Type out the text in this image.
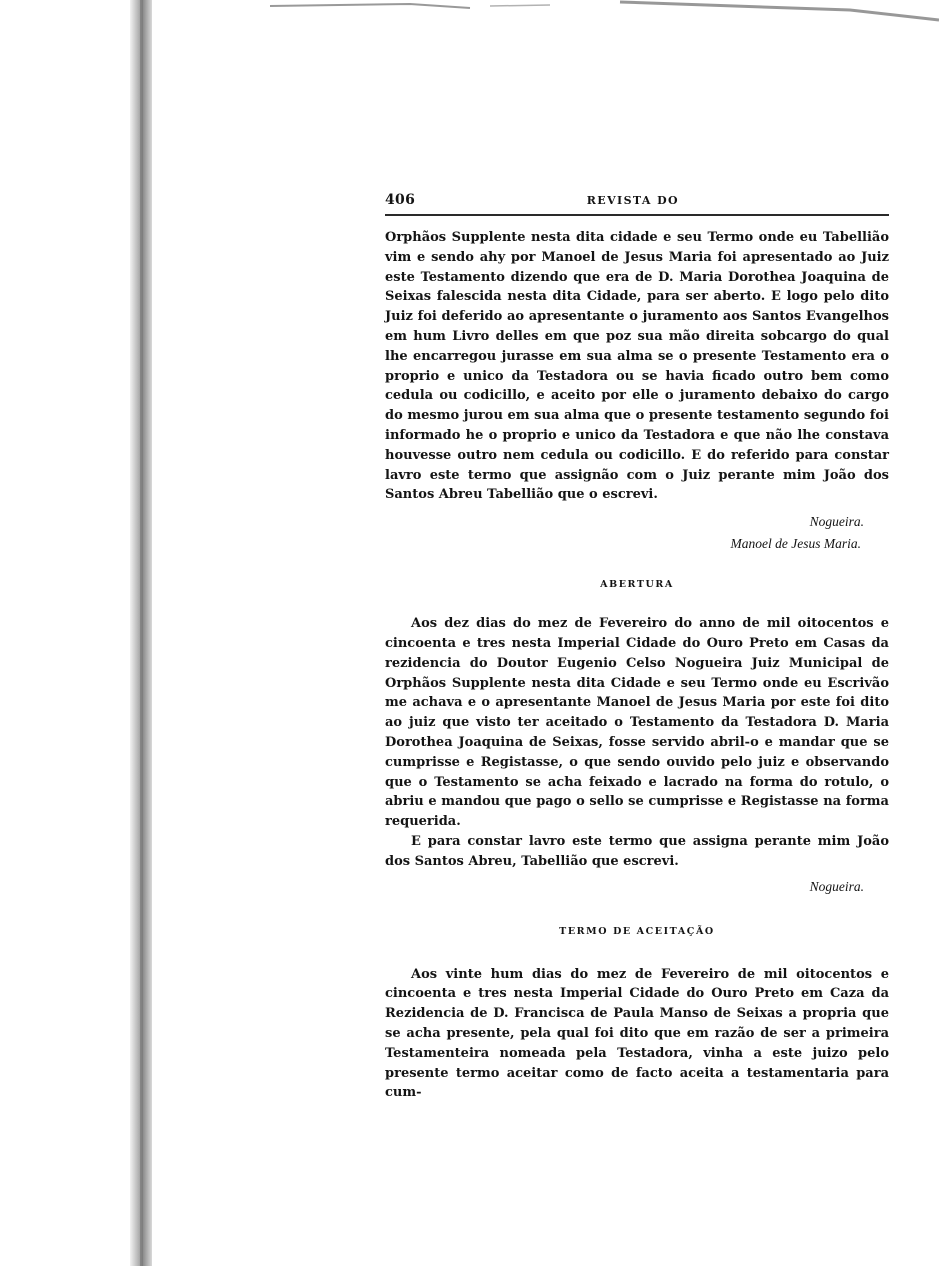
406	REVISTA DO

Orphãos Supplente nesta dita cidade e seu Termo onde eu Tabellião vim e sendo ahy por Manoel de Jesus Maria foi apresentado ao Juiz este Testamento dizendo que era de D. Maria Dorothea Joaquina de Seixas falescida nesta dita Cidade, para ser aberto. E logo pelo dito Juiz foi deferido ao apresentante o juramento aos Santos Evangelhos em hum Livro delles em que poz sua mão direita sobcargo do qual lhe encarregou jurasse em sua alma se o presente Testamento era o proprio e unico da Testadora ou se havia ficado outro bem como cedula ou codicillo, e aceito por elle o juramento debaixo do cargo do mesmo jurou em sua alma que o presente testamento segundo foi informado he o proprio e unico da Testadora e que não lhe constava houvesse outro nem cedula ou codicillo. E do referido para constar lavro este termo que assignão com o Juiz perante mim João dos Santos Abreu Tabellião que o escrevi.

Nogueira.
Manoel de Jesus Maria.
ABERTURA

Aos dez dias do mez de Fevereiro do anno de mil oitocentos e cincoenta e tres nesta Imperial Cidade do Ouro Preto em Casas da rezidencia do Doutor Eugenio Celso Nogueira Juiz Municipal de Orphãos Supplente nesta dita Cidade e seu Termo onde eu Escrivão me achava e o apresentante Manoel de Jesus Maria por este foi dito ao juiz que visto ter aceitado o Testamento da Testadora D. Maria Dorothea Joaquina de Seixas, fosse servido abril-o e mandar que se cumprisse e Registasse, o que sendo ouvido pelo juiz e observando que o Testamento se acha feixado e lacrado na forma do rotulo, o abriu e mandou que pago o sello se cumprisse e Registasse na forma requerida.

E para constar lavro este termo que assigna perante mim João dos Santos Abreu, Tabellião que escrevi.

Nogueira.
TERMO DE ACEITAÇÃO

Aos vinte hum dias do mez de Fevereiro de mil oitocentos e cincoenta e tres nesta Imperial Cidade do Ouro Preto em Caza da Rezidencia de D. Francisca de Paula Manso de Seixas a propria que se acha presente, pela qual foi dito que em razão de ser a primeira Testamenteira nomeada pela Testadora, vinha a este juizo pelo presente termo aceitar como de facto aceita a testamentaria para cum-
